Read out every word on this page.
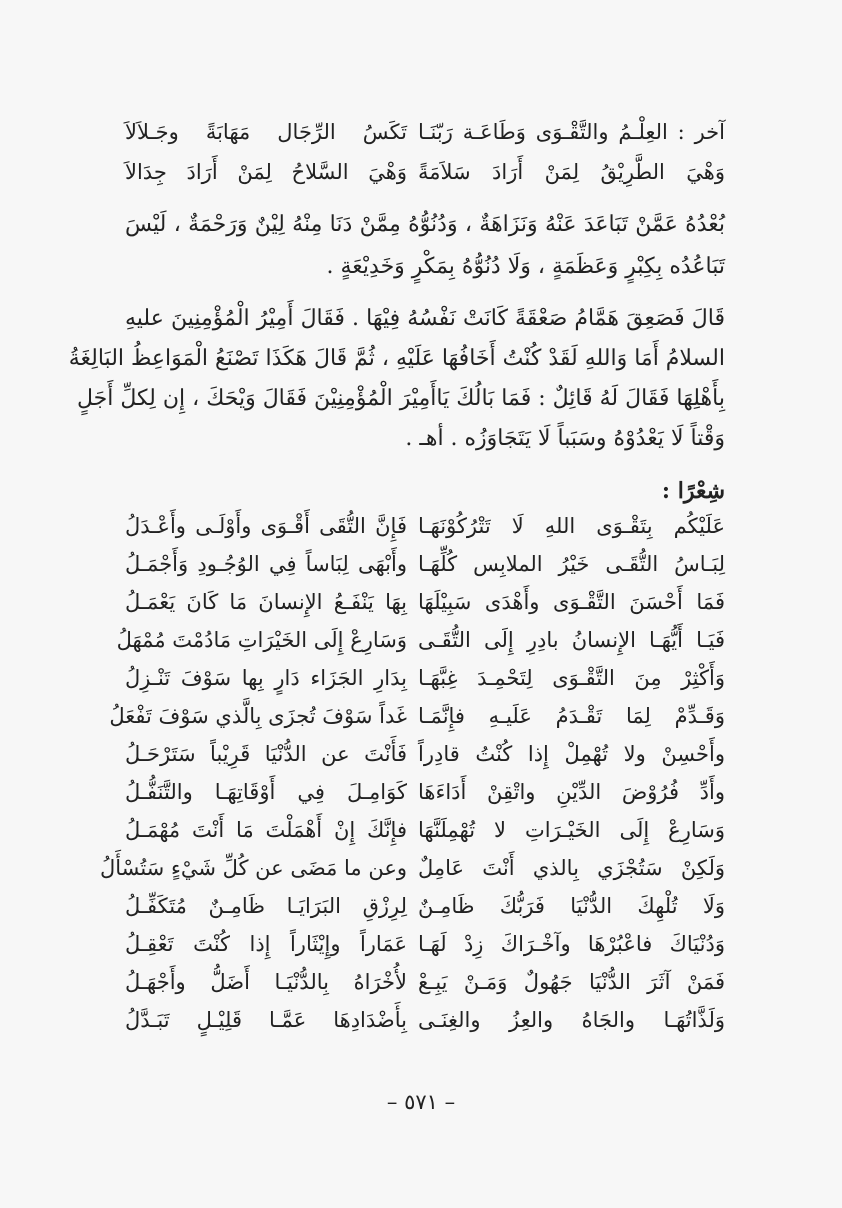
آخر : العِلْـمُ والتَّقْـوَى وَطَاعَـة رَبّنَـا
تَكَسُ الرِّجَال مَهَابَةً وجَـلاَلاَ
وَهْيَ الطَّرِيْقُ لِمَنْ أَرَادَ سَلاَمَةً
وَهْيَ السَّلاحُ لِمَنْ أَرَادَ جِدَالاَ
بُعْدُهُ عَمَّنْ تَبَاعَدَ عَنْهُ وَنَزَاهَةٌ ، وَدُنُوُّهُ مِمَّنْ دَنَا مِنْهُ لِيْنٌ وَرَحْمَةٌ ، لَيْسَ
تَبَاعُدُه بِكِبْرٍ وَعَظَمَةٍ ، وَلَا دُنُوُّهُ بِمَكْرٍ وَخَدِيْعَةٍ .
قَالَ فَصَعِقَ هَمَّامُ صَعْقَةً كَانَتْ نَفْسُهُ فِيْهَا . فَقَالَ أَمِيْرُ الْمُؤْمِنِينَ عليهِ
السلامُ أَمَا وَاللهِ لَقَدْ كُنْتُ أَخَافُهَا عَلَيْهِ ، ثُمَّ قَالَ هَكَذَا تَصْنَعُ الْمَوَاعِظُ البَالِغَةُ
بِأَهْلِهَا فَقَالَ لَهُ قَائِلٌ : فَمَا بَالُكَ يَاأَمِيْرَ الْمُؤْمِنِيْنَ فَقَالَ وَيْحَكَ ، إِن لِكلِّ أَجَلٍ
وَقْتاً لَا يَعْدُوْهُ وسَبَباً لَا يَتَجَاوَزُه . أهـ .
شِعْرًا :
عَلَيْكُم بِتَقْـوَى اللهِ لَا تَتْرُكُوْنَهَـا
فَإِنَّ التُّقَى أَقْـوَى وأَوْلَـى وأَعْـدَلُ
لِبَـاسُ التُّقَـى خَيْرُ الملابِس كُلِّهَـا
وأَبْهَى لِبَاساً فِي الوُجُـودِ وَأَجْمَـلُ
فَمَا أَحْسَنَ التَّقْـوَى وأَهْدَى سَبِيْلَهَا
بِهَا يَنْفَـعُ الإِنسانَ مَا كَانَ يَعْمَـلُ
فَيَـا أَيُّهَـا الإِنسانُ بادِرِ إِلَى التُّقَـى
وَسَارِعْ إِلَى الخَيْرَاتِ مَادُمْتَ مُمْهَلُ
وَأَكْثِرْ مِنَ التَّقْـوَى لِتَحْمِـدَ غِبَّهَـا
بِدَارِ الجَزَاء دَارٍ بِها سَوْفَ تَنْـزِلُ
وَقَـدِّمْ لِمَا تَقْـدَمُ عَلَيـهِ فإِنَّمَـا
غَداً سَوْفَ تُجزَى بِالَّذي سَوْفَ تَفْعَلُ
وأَحْسِنْ ولا تُهْمِلْ إِذا كُنْتُ قادِراً
فَأَنْتَ عن الدُّنْيَا قَرِيْباً سَتَرْحَـلُ
وأَدِّ فُرُوْضَ الدِّيْنِ واتْقِنْ أَدَاءَهَا
كَوَامِـلَ فِي أَوْقَاتِهَـا والتَّنَفُّـلُ
وَسَارِعْ إِلَى الخَيْـرَاتِ لا تُهْمِلَنَّهَا
فإِنَّكَ إِنْ أَهْمَلْتَ مَا أَنْتَ مُهْمَـلُ
وَلَكِنْ سَتُجْزَي بِالذي أَنْتَ عَامِلٌ
وعن ما مَضَى عن كُلِّ شَيْءٍ سَتُسْأَلُ
وَلَا تُلْهِكَ الدُّنْيَا فَرَبُّكَ ظَامِـنٌ
لِرِزْقِ البَرَايَـا ظَامِـنٌ مُتَكَفِّـلُ
وَدُنْيَاكَ فاعْبُرْهَا وآخْـرَاكَ زِدْ لَهَـا
عَمَاراً وإِيْثَاراً إِذا كُنْتَ تَعْقِـلُ
فَمَنْ آثَرَ الدُّنْيَا جَهُولٌ وَمَـنْ يَبِـعْ
لأُخْرَاهُ بِالدُّنْيَـا أَضَلُّ وأَجْهَـلُ
وَلَذَّاتُهَـا والجَاهُ والعِزُ والغِنَـى
بِأَضْدَادِهَا عَمَّـا قَلِيْـلٍ تَبَـدَّلُ
– ٥٧١ –
